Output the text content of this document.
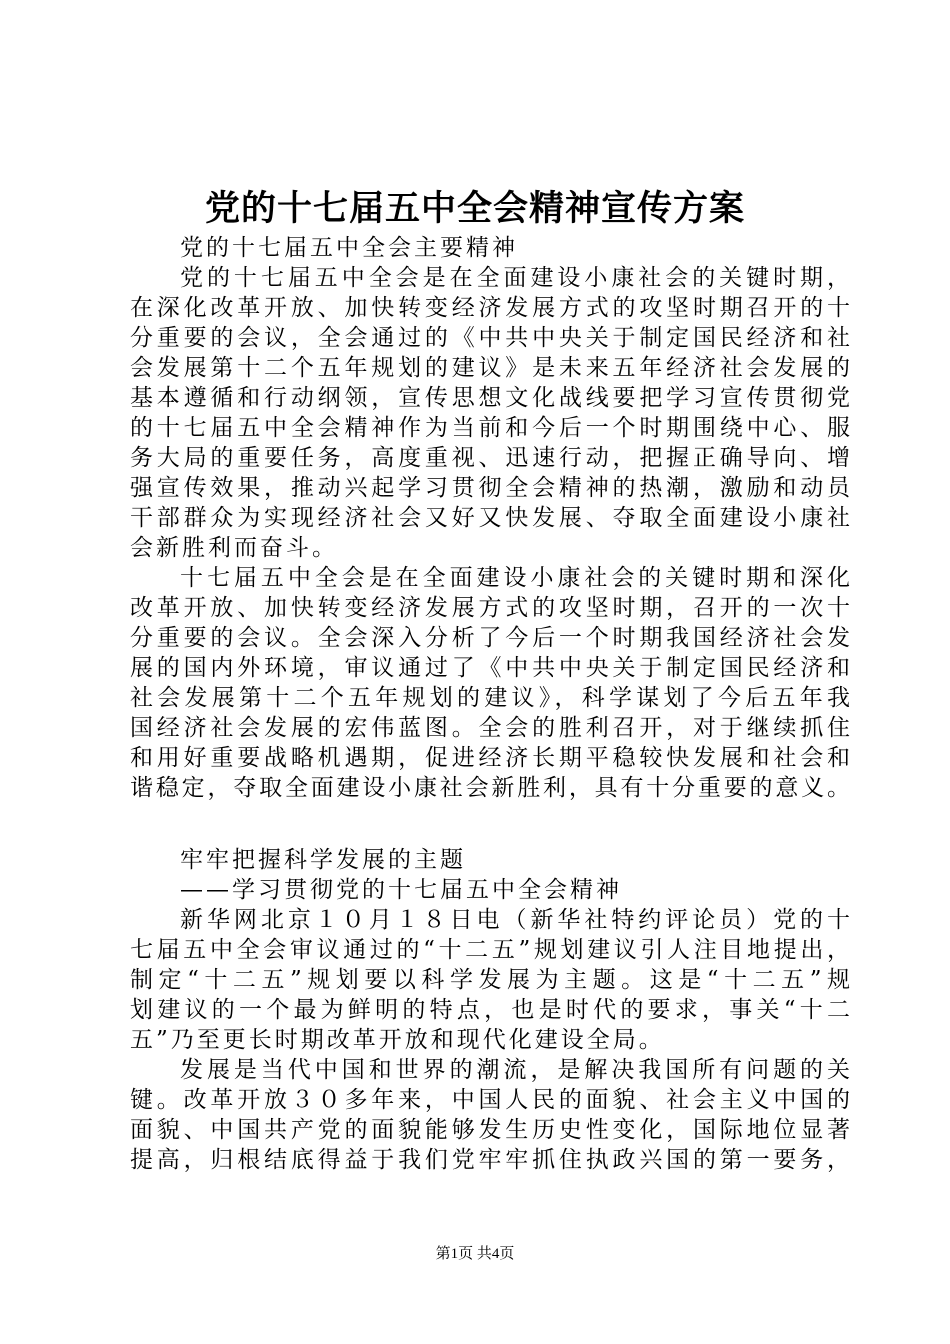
党的十七届五中全会精神宣传方案
党的十七届五中全会主要精神
党的十七届五中全会是在全面建设小康社会的关键时期，
在深化改革开放、加快转变经济发展方式的攻坚时期召开的十
分重要的会议，全会通过的《中共中央关于制定国民经济和社
会发展第十二个五年规划的建议》是未来五年经济社会发展的
基本遵循和行动纲领，宣传思想文化战线要把学习宣传贯彻党
的十七届五中全会精神作为当前和今后一个时期围绕中心、服
务大局的重要任务，高度重视、迅速行动，把握正确导向、增
强宣传效果，推动兴起学习贯彻全会精神的热潮，激励和动员
干部群众为实现经济社会又好又快发展、夺取全面建设小康社
会新胜利而奋斗。
十七届五中全会是在全面建设小康社会的关键时期和深化
改革开放、加快转变经济发展方式的攻坚时期，召开的一次十
分重要的会议。全会深入分析了今后一个时期我国经济社会发
展的国内外环境，审议通过了《中共中央关于制定国民经济和
社会发展第十二个五年规划的建议》，科学谋划了今后五年我
国经济社会发展的宏伟蓝图。全会的胜利召开，对于继续抓住
和用好重要战略机遇期，促进经济长期平稳较快发展和社会和
谐稳定，夺取全面建设小康社会新胜利，具有十分重要的意义。
牢牢把握科学发展的主题
——学习贯彻党的十七届五中全会精神
新华网北京１０月１８日电（新华社特约评论员）党的十
七届五中全会审议通过的“十二五”规划建议引人注目地提出，
制定“十二五”规划要以科学发展为主题。这是“十二五”规
划建议的一个最为鲜明的特点，也是时代的要求，事关“十二
五”乃至更长时期改革开放和现代化建设全局。
发展是当代中国和世界的潮流，是解决我国所有问题的关
键。改革开放３０多年来，中国人民的面貌、社会主义中国的
面貌、中国共产党的面貌能够发生历史性变化，国际地位显著
提高，归根结底得益于我们党牢牢抓住执政兴国的第一要务，
第1页 共4页
